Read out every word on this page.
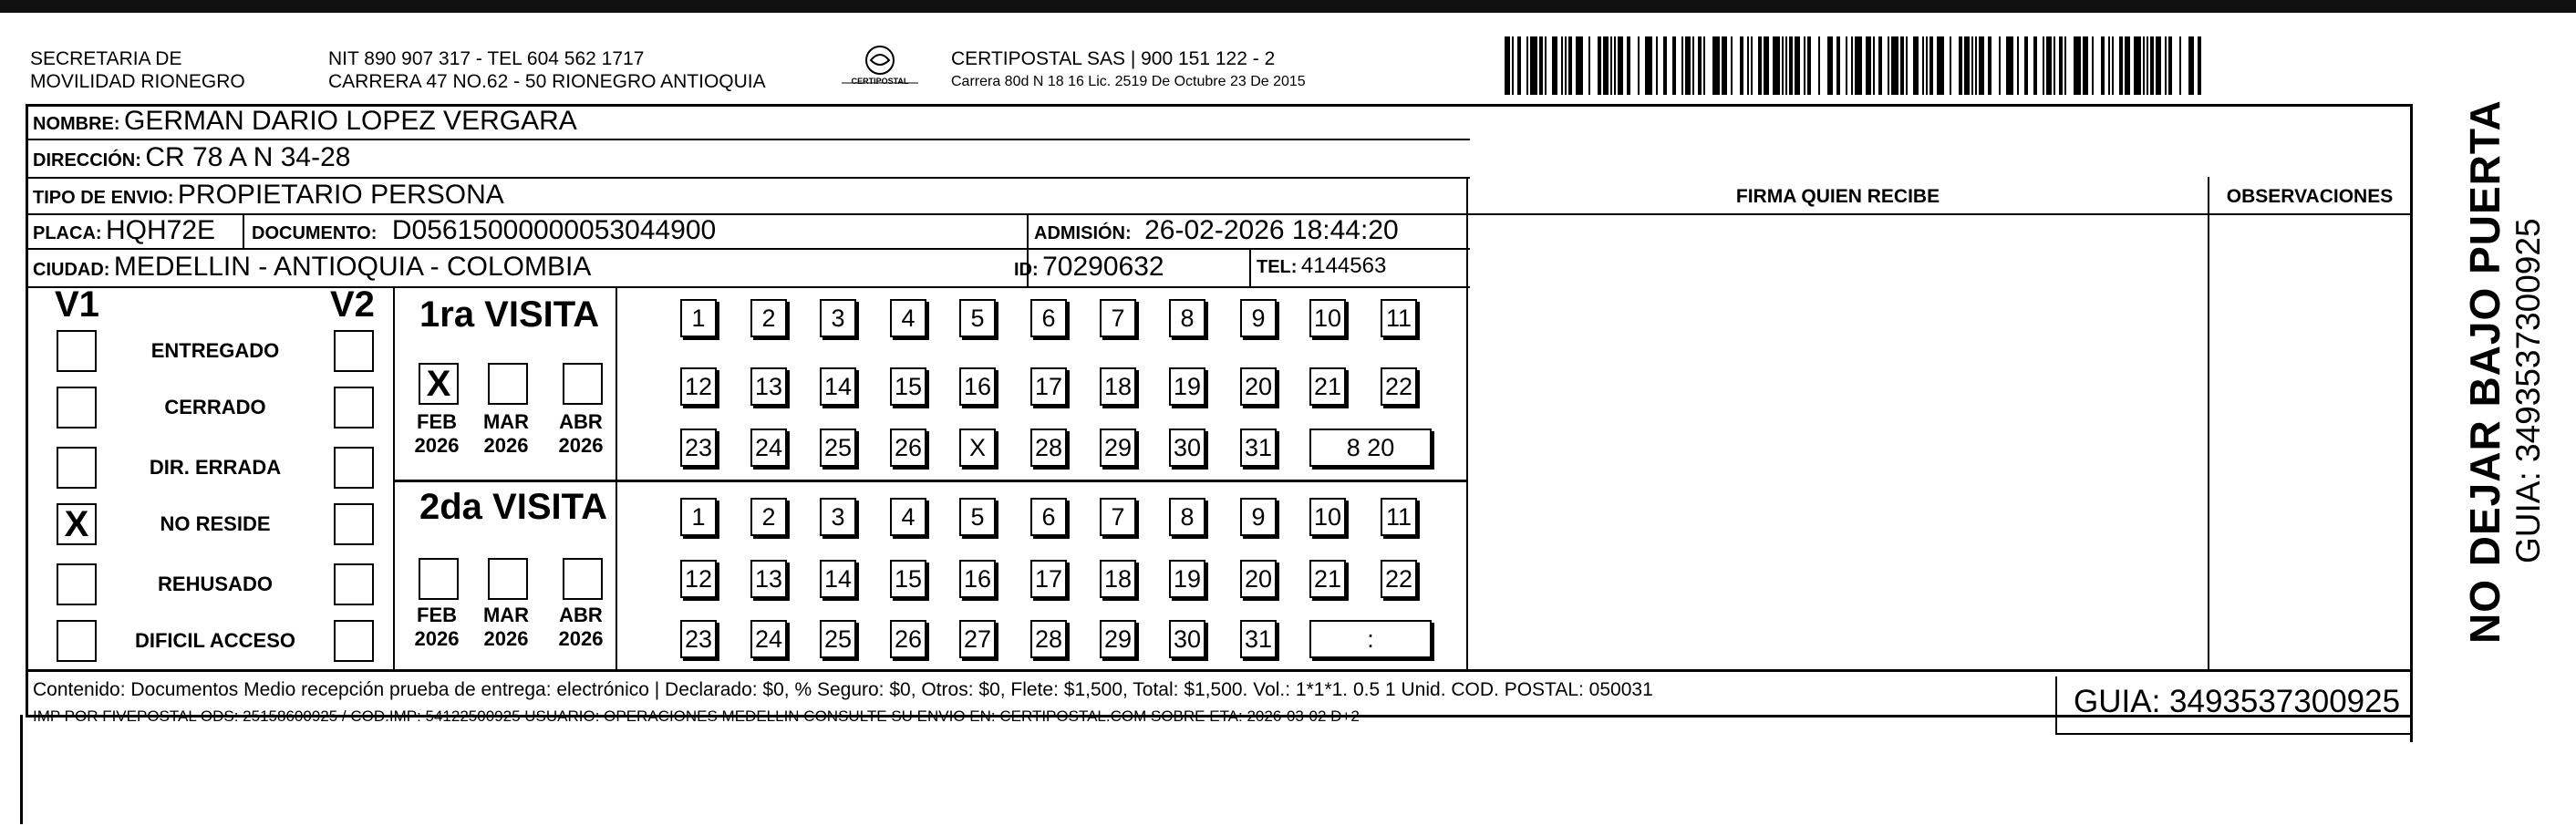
SECRETARIA DE
MOVILIDAD RIONEGRO
NIT 890 907 317 - TEL 604 562 1717
CARRERA 47 NO.62 - 50 RIONEGRO ANTIOQUIA	CERTIPOSTAL
CERTIPOSTAL SAS | 900 151 122 - 2
Carrera 80d N 18 16 Lic. 2519 De Octubre 23 De 2015
NOMBRE: GERMAN DARIO LOPEZ VERGARA
DIRECCIÓN: CR 78 A N 34-28
TIPO DE ENVIO: PROPIETARIO PERSONA
PLACA: HQH72E DOCUMENTO: D05615000000053044900	ADMISIÓN: 26-02-2026 18:44:20
CIUDAD: MEDELLIN - ANTIOQUIA - COLOMBIA	ID: 70290632	TEL: 4144563
FIRMA QUIEN RECIBE	OBSERVACIONES
V1	V2
ENTREGADO
CERRADO
DIR. ERRADA
X	NO RESIDE
REHUSADO
DIFICIL ACCESO
1ra VISITA
2da VISITA
X
FEB
2026
MAR
2026
ABR
2026
1	2	3	4	5	6	7	8	9	10 11
12 13 14 15 16 17 18 19 20 21 22
23 24 25 26	X	28 29 30 31	8 20
FEB
2026
MAR
2026
ABR
2026
1	2	3	4	5	6	7	8	9	10 11
12 13 14 15 16 17 18 19 20 21 22
23 24 25 26 27 28 29 30 31	:	NO DEJAR BAJO PUERTA GUIA: 3493537300925
Contenido: Documentos Medio recepción prueba de entrega: electrónico | Declarado: $0, % Seguro: $0, Otros: $0, Flete: $1,500, Total: $1,500. Vol.: 1*1*1. 0.5 1 Unid. COD. POSTAL: 050031
IMP POR FIVEPOSTAL ODS: 25158600925 / COD.IMP: 54122500925 USUARIO: OPERACIONES MEDELLIN CONSULTE SU ENVIO EN: CERTIPOSTAL.COM SOBRE ETA: 2026-03-02 D+2	GUIA: 3493537300925
